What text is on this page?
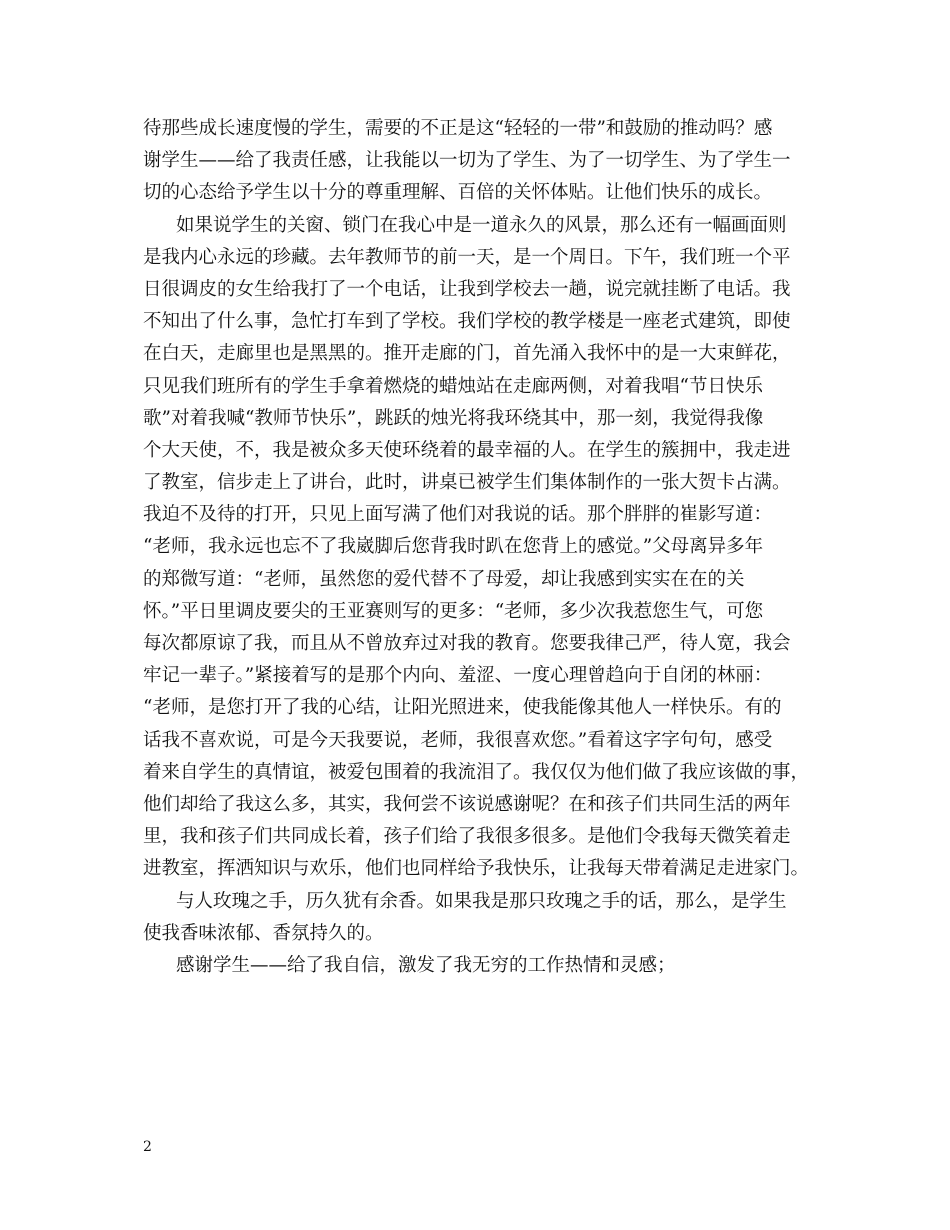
待那些成长速度慢的学生，需要的不正是这“轻轻的一带”和鼓励的推动吗？感
谢学生——给了我责任感，让我能以一切为了学生、为了一切学生、为了学生一
切的心态给予学生以十分的尊重理解、百倍的关怀体贴。让他们快乐的成长。
如果说学生的关窗、锁门在我心中是一道永久的风景，那么还有一幅画面则
是我内心永远的珍藏。去年教师节的前一天，是一个周日。下午，我们班一个平
日很调皮的女生给我打了一个电话，让我到学校去一趟，说完就挂断了电话。我
不知出了什么事，急忙打车到了学校。我们学校的教学楼是一座老式建筑，即使
在白天，走廊里也是黑黑的。推开走廊的门，首先涌入我怀中的是一大束鲜花，
只见我们班所有的学生手拿着燃烧的蜡烛站在走廊两侧，对着我唱“节日快乐
歌”对着我喊“教师节快乐”，跳跃的烛光将我环绕其中，那一刻，我觉得我像
个大天使，不，我是被众多天使环绕着的最幸福的人。在学生的簇拥中，我走进
了教室，信步走上了讲台，此时，讲桌已被学生们集体制作的一张大贺卡占满。
我迫不及待的打开，只见上面写满了他们对我说的话。那个胖胖的崔影写道：
“老师，我永远也忘不了我崴脚后您背我时趴在您背上的感觉。”父母离异多年
的郑微写道：“老师，虽然您的爱代替不了母爱，却让我感到实实在在的关
怀。”平日里调皮要尖的王亚赛则写的更多：“老师，多少次我惹您生气，可您
每次都原谅了我，而且从不曾放弃过对我的教育。您要我律己严，待人宽，我会
牢记一辈子。”紧接着写的是那个内向、羞涩、一度心理曾趋向于自闭的林丽：
“老师，是您打开了我的心结，让阳光照进来，使我能像其他人一样快乐。有的
话我不喜欢说，可是今天我要说，老师，我很喜欢您。”看着这字字句句，感受
着来自学生的真情谊，被爱包围着的我流泪了。我仅仅为他们做了我应该做的事，
他们却给了我这么多，其实，我何尝不该说感谢呢？在和孩子们共同生活的两年
里，我和孩子们共同成长着，孩子们给了我很多很多。是他们令我每天微笑着走
进教室，挥洒知识与欢乐，他们也同样给予我快乐，让我每天带着满足走进家门。
与人玫瑰之手，历久犹有余香。如果我是那只玫瑰之手的话，那么，是学生
使我香味浓郁、香氛持久的。
感谢学生——给了我自信，激发了我无穷的工作热情和灵感；
2
